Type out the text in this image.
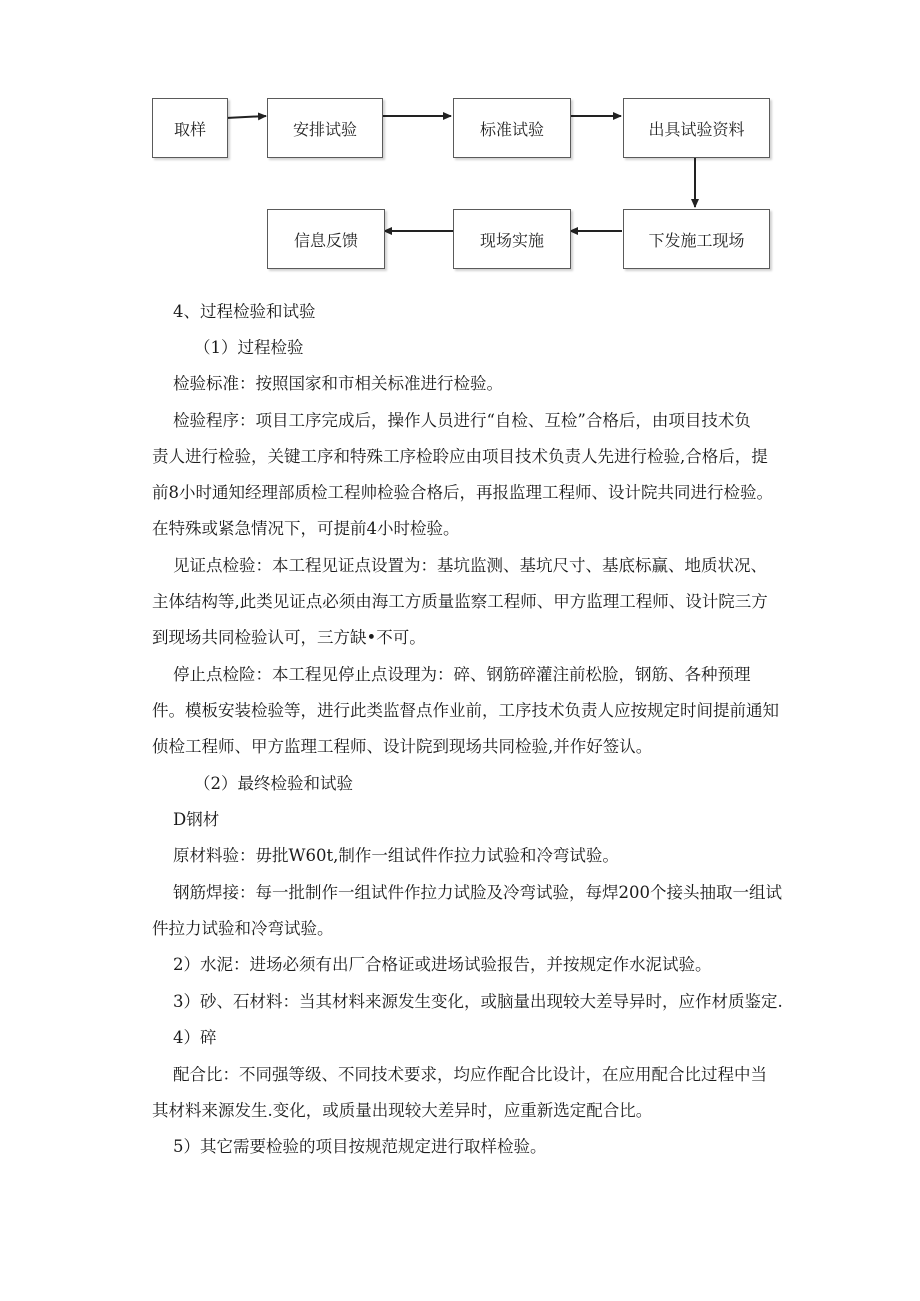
取样	安排试验	标准试验	出具试验资料
信息反馈	现场实施	下发施工现场

4、过程检验和试验

（1）过程检验

检验标准：按照国家和市相关标准进行检验。

检验程序：项目工序完成后，操作人员进行“自检、互检”合格后，由项目技术负

责人进行检验，关键工序和特殊工序检聆应由项目技术负责人先进行检验,合格后，提

前8小时通知经理部质检工程帅检验合格后，再报监理工程师、设计院共同进行检验。

在特殊或紧急情况下，可提前4小时检验。

见证点检验：本工程见证点设置为：基坑监测、基坑尺寸、基底标赢、地质状况、

主体结构等,此类见证点必须由海工方质量监察工程师、甲方监理工程师、设计院三方

到现场共同检验认可，三方缺•不可。

停止点检险：本工程见停止点设理为：碎、钢筋碎灌注前松脸，钢筋、各种预理

件。模板安装检验等，进行此类监督点作业前，工序技术负责人应按规定时间提前通知

侦检工程师、甲方监理工程师、设计院到现场共同检验,并作好签认。

（2）最终检验和试验

D钢材

原材料验：毋批W60t,制作一组试件作拉力试验和冷弯试验。

钢筋焊接：每一批制作一组试件作拉力试脸及冷弯试验，每焊200个接头抽取一组试

件拉力试验和冷弯试验。

2）水泥：进场必须有出厂合格证或进场试验报告，并按规定作水泥试验。

3）砂、石材料：当其材料来源发生变化，或脑量出现较大差导异时，应作材质鉴定.

4）碎

配合比：不同强等级、不同技术要求，均应作配合比设计，在应用配合比过程中当

其材料来源发生.变化，或质量出现较大差异时，应重新选定配合比。

5）其它需要检验的项目按规范规定进行取样检验。
